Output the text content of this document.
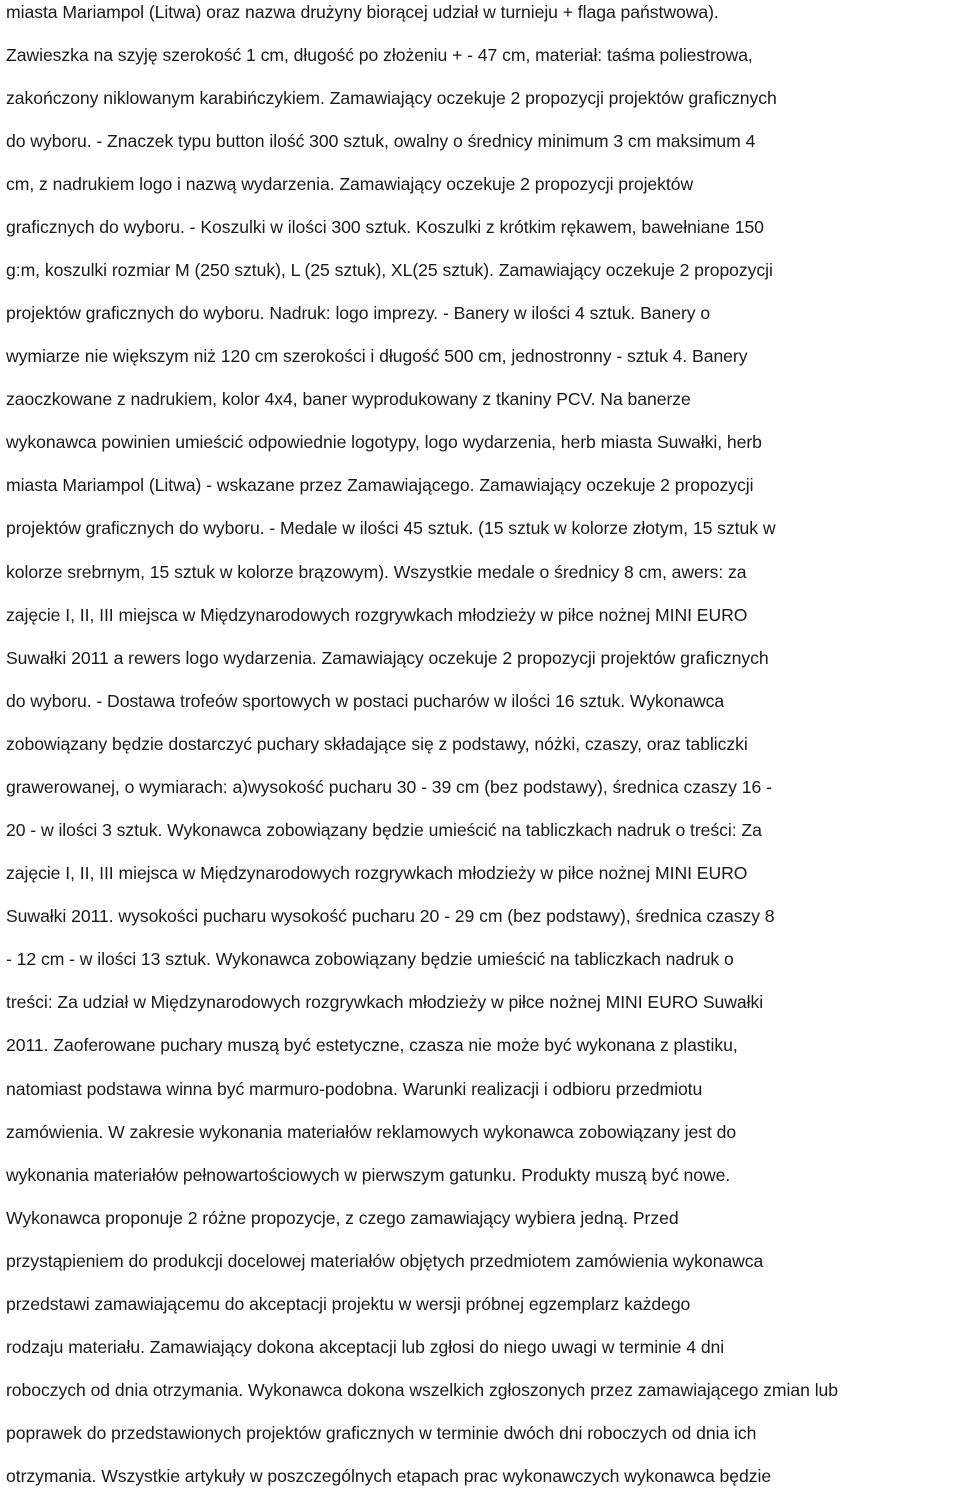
miasta Mariampol (Litwa) oraz nazwa drużyny biorącej udział w turnieju + flaga państwowa).
Zawieszka na szyję szerokość 1 cm, długość po złożeniu + - 47 cm, materiał: taśma poliestrowa,
zakończony niklowanym karabińczykiem. Zamawiający oczekuje 2 propozycji projektów graficznych
do wyboru. - Znaczek typu button ilość 300 sztuk, owalny o średnicy minimum 3 cm maksimum 4
cm, z nadrukiem logo i nazwą wydarzenia. Zamawiający oczekuje 2 propozycji projektów
graficznych do wyboru. - Koszulki w ilości 300 sztuk. Koszulki z krótkim rękawem, bawełniane 150
g:m, koszulki rozmiar M (250 sztuk), L (25 sztuk), XL(25 sztuk). Zamawiający oczekuje 2 propozycji
projektów graficznych do wyboru. Nadruk: logo imprezy. - Banery w ilości 4 sztuk. Banery o
wymiarze nie większym niż 120 cm szerokości i długość 500 cm, jednostronny - sztuk 4. Banery
zaoczkowane z nadrukiem, kolor 4x4, baner wyprodukowany z tkaniny PCV. Na banerze
wykonawca powinien umieścić odpowiednie logotypy, logo wydarzenia, herb miasta Suwałki, herb
miasta Mariampol (Litwa) - wskazane przez Zamawiającego. Zamawiający oczekuje 2 propozycji
projektów graficznych do wyboru. - Medale w ilości 45 sztuk. (15 sztuk w kolorze złotym, 15 sztuk w
kolorze srebrnym, 15 sztuk w kolorze brązowym). Wszystkie medale o średnicy 8 cm, awers: za
zajęcie I, II, III miejsca w Międzynarodowych rozgrywkach młodzieży w piłce nożnej MINI EURO
Suwałki 2011 a rewers logo wydarzenia. Zamawiający oczekuje 2 propozycji projektów graficznych
do wyboru. - Dostawa trofeów sportowych w postaci pucharów w ilości 16 sztuk. Wykonawca
zobowiązany będzie dostarczyć puchary składające się z podstawy, nóżki, czaszy, oraz tabliczki
grawerowanej, o wymiarach: a)wysokość pucharu 30 - 39 cm (bez podstawy), średnica czaszy 16 -
20 - w ilości 3 sztuk. Wykonawca zobowiązany będzie umieścić na tabliczkach nadruk o treści: Za
zajęcie I, II, III miejsca w Międzynarodowych rozgrywkach młodzieży w piłce nożnej MINI EURO
Suwałki 2011. wysokości pucharu wysokość pucharu 20 - 29 cm (bez podstawy), średnica czaszy 8
- 12 cm - w ilości 13 sztuk. Wykonawca zobowiązany będzie umieścić na tabliczkach nadruk o
treści: Za udział w Międzynarodowych rozgrywkach młodzieży w piłce nożnej MINI EURO Suwałki
2011. Zaoferowane puchary muszą być estetyczne, czasza nie może być wykonana z plastiku,
natomiast podstawa winna być marmuro-podobna. Warunki realizacji i odbioru przedmiotu
zamówienia. W zakresie wykonania materiałów reklamowych wykonawca zobowiązany jest do
wykonania materiałów pełnowartościowych w pierwszym gatunku. Produkty muszą być nowe.
Wykonawca proponuje 2 różne propozycje, z czego zamawiający wybiera jedną. Przed
przystąpieniem do produkcji docelowej materiałów objętych przedmiotem zamówienia wykonawca
przedstawi zamawiającemu do akceptacji projektu w wersji próbnej egzemplarz każdego
rodzaju materiału. Zamawiający dokona akceptacji lub zgłosi do niego uwagi w terminie 4 dni
roboczych od dnia otrzymania. Wykonawca dokona wszelkich zgłoszonych przez zamawiającego zmian lub
poprawek do przedstawionych projektów graficznych w terminie dwóch dni roboczych od dnia ich
otrzymania. Wszystkie artykuły w poszczególnych etapach prac wykonawczych wykonawca będzie
